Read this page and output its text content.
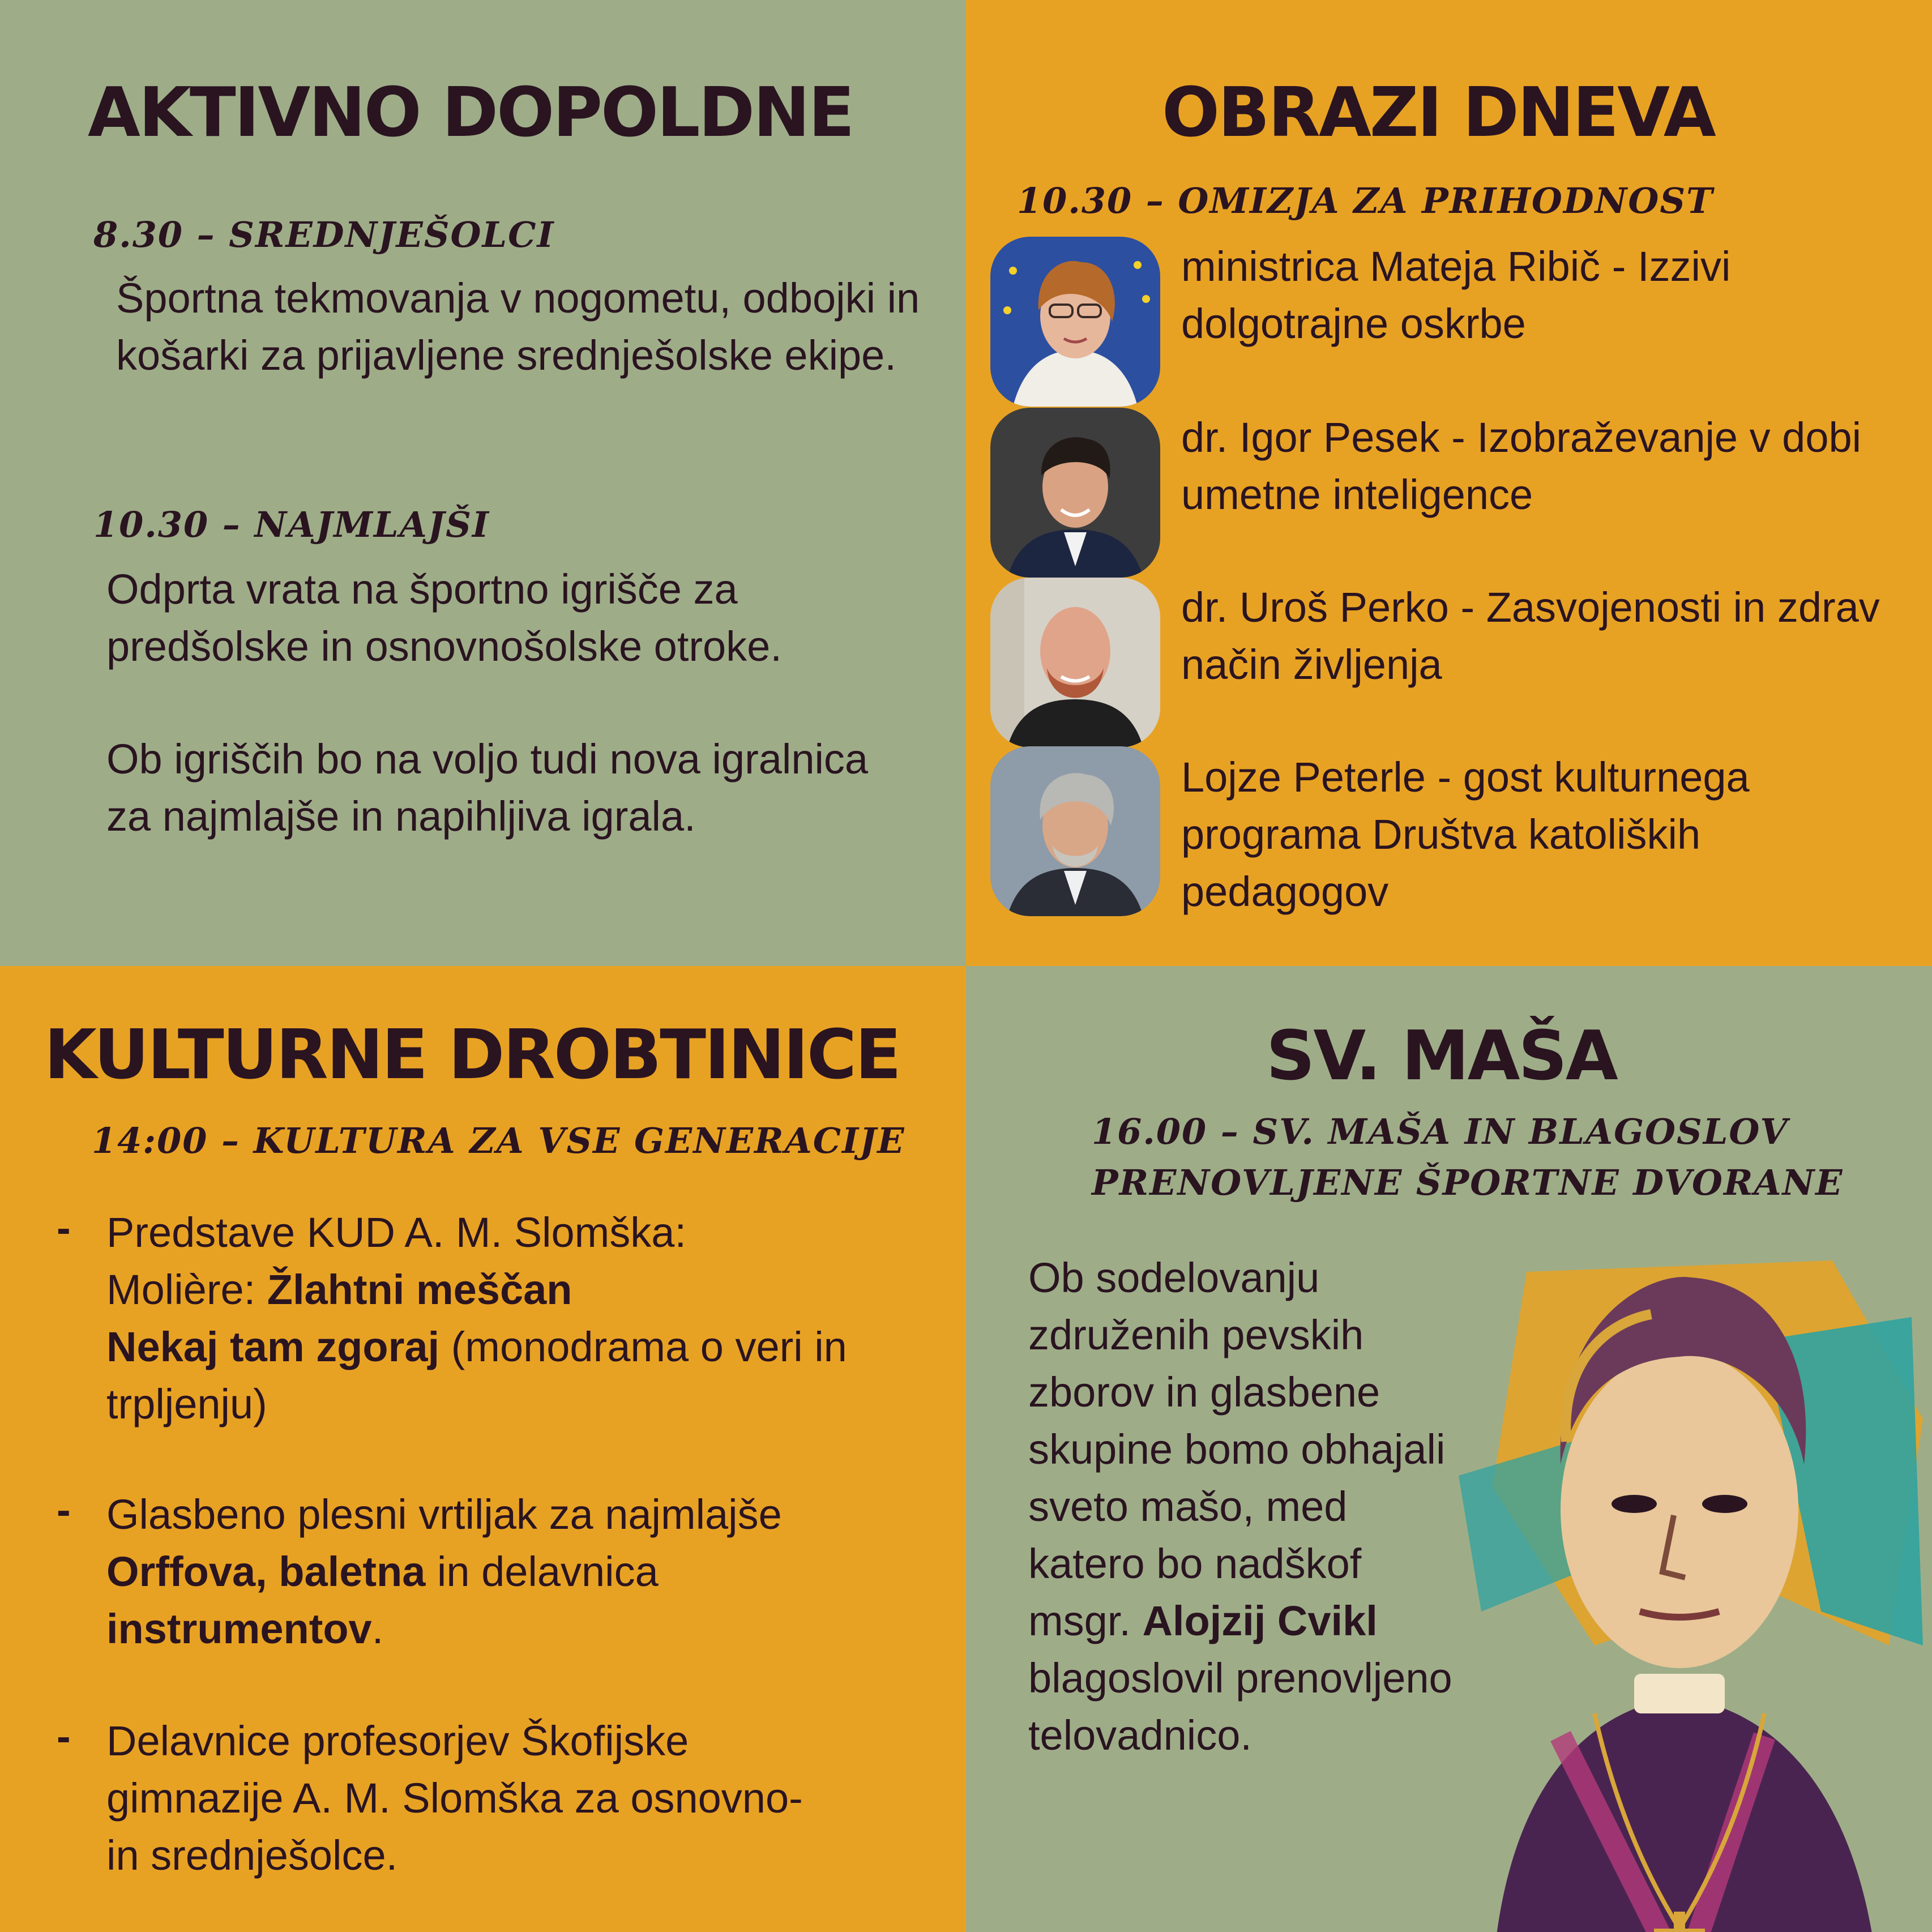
AKTIVNO DOPOLDNE
8.30 – SREDNJEŠOLCI
Športna tekmovanja v nogometu, odbojki in košarki za prijavljene srednješolske ekipe.
10.30 – NAJMLAJŠI
Odprta vrata na športno igrišče za predšolske in osnovnošolske otroke.
Ob igriščih bo na voljo tudi nova igralnica za najmlajše in napihljiva igrala.
OBRAZI DNEVA
10.30 – OMIZJA ZA PRIHODNOST
ministrica Mateja Ribič - Izzivi dolgotrajne oskrbe
dr. Igor Pesek - Izobraževanje v dobi umetne inteligence
dr. Uroš Perko - Zasvojenosti in zdrav način življenja
Lojze Peterle - gost kulturnega programa Društva katoliških pedagogov
KULTURNE DROBTINICE
14:00 – KULTURA ZA VSE GENERACIJE
- Predstave KUD A. M. Slomška:
Molière: Žlahtni meščan
Nekaj tam zgoraj (monodrama o veri in trpljenju)
- Glasbeno plesni vrtiljak za najmlajše Orffova, baletna in delavnica instrumentov.
- Delavnice profesorjev Škofijske gimnazije A. M. Slomška za osnovno- in srednješolce.
SV. MAŠA
16.00 – SV. MAŠA IN BLAGOSLOV
PRENOVLJENE ŠPORTNE DVORANE
Ob sodelovanju združenih pevskih zborov in glasbene skupine bomo obhajali sveto mašo, med katero bo nadškof msgr. Alojzij Cvikl blagoslovil prenovljeno telovadnico.
